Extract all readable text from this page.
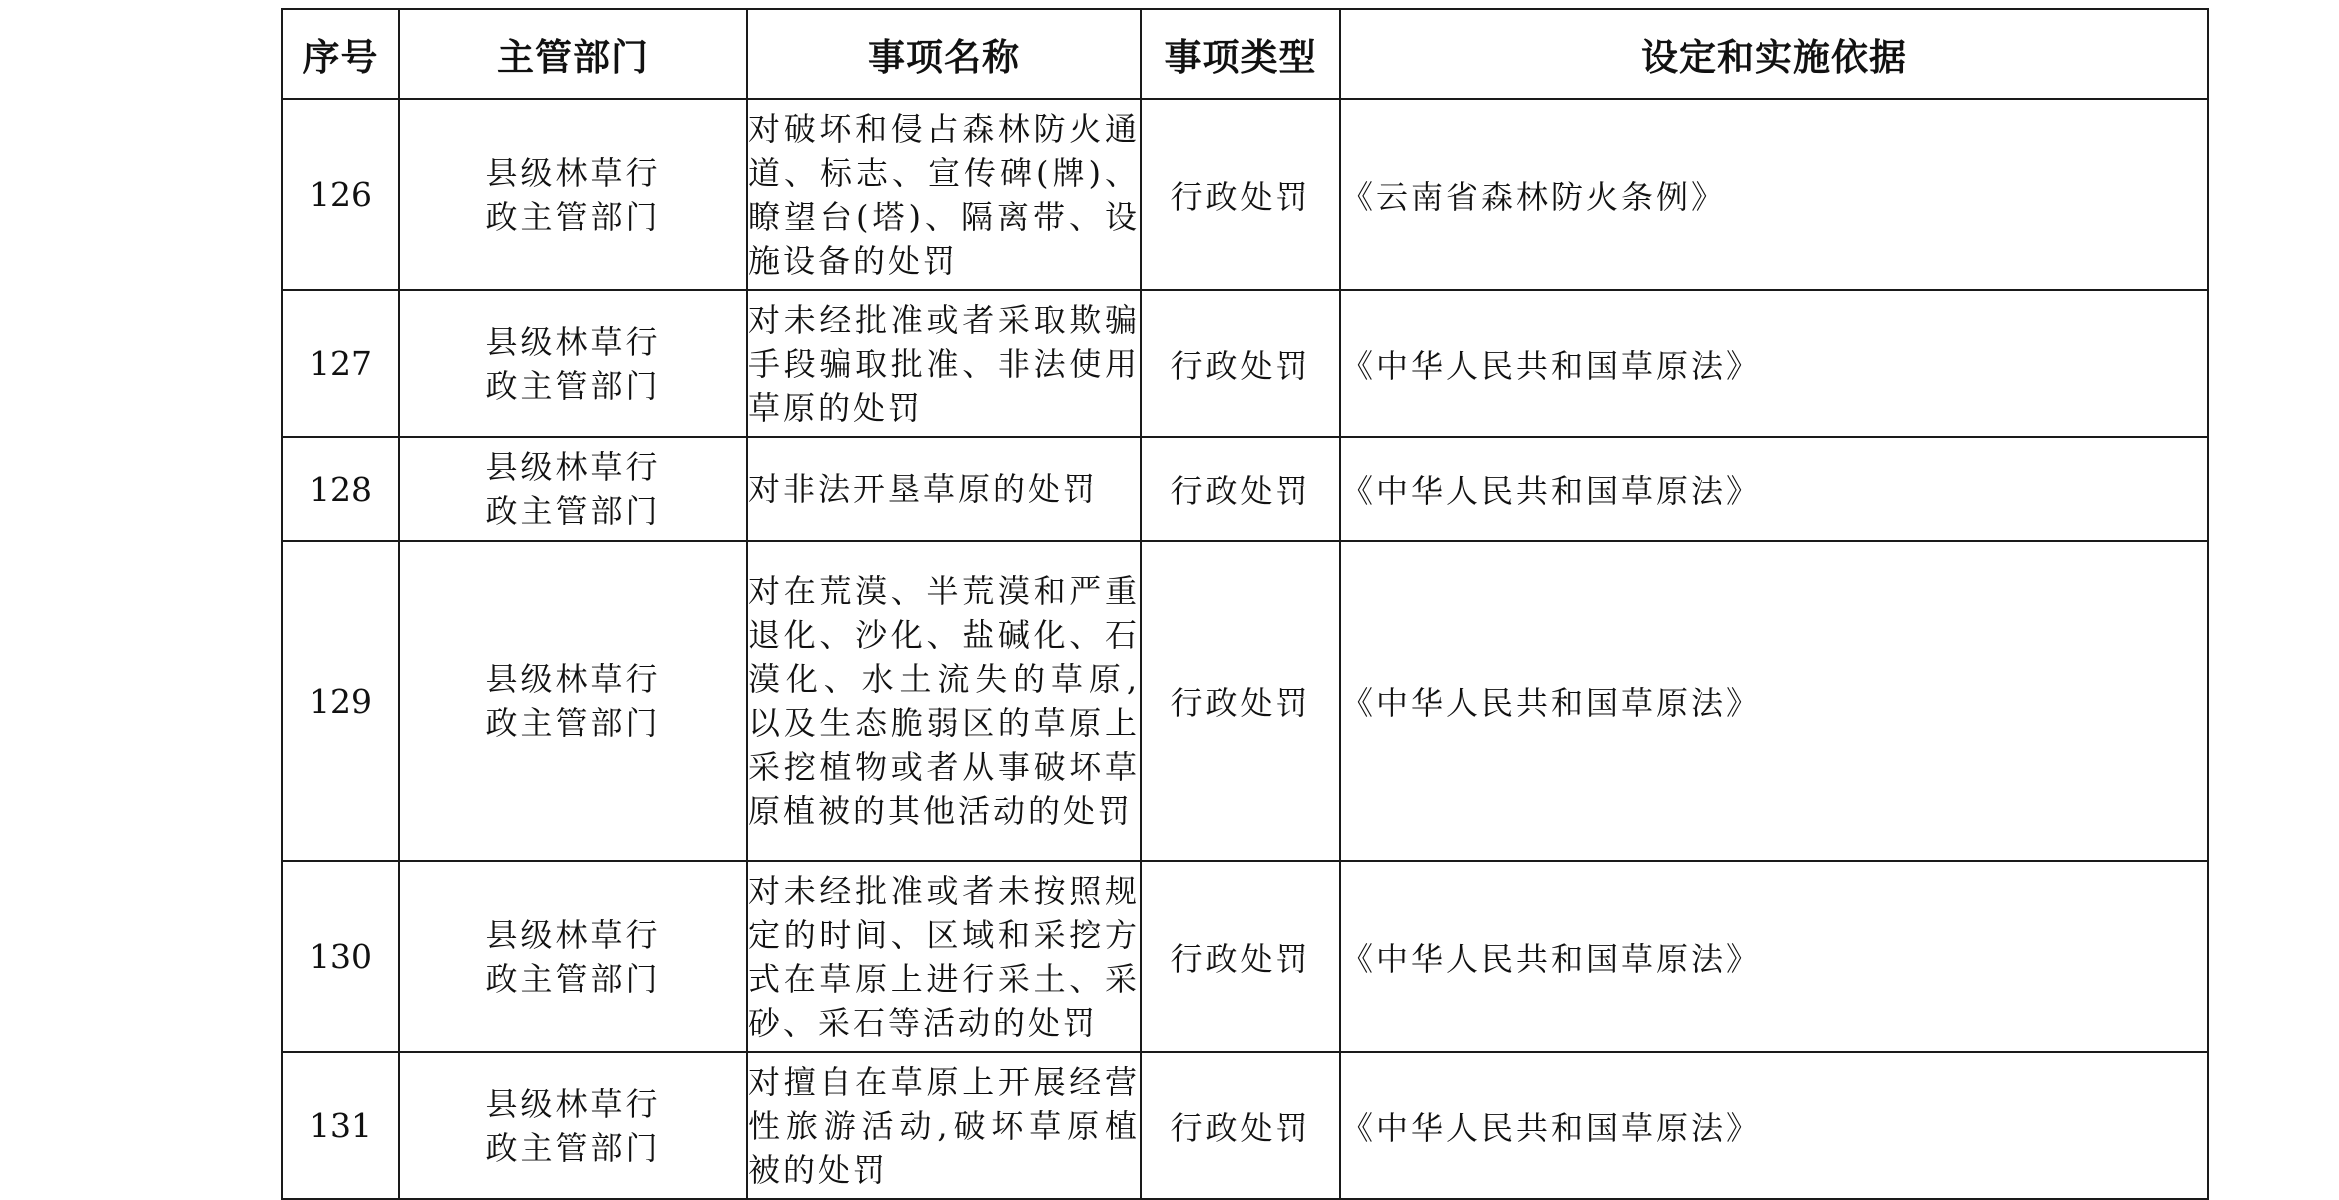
序号	主管部门	事项名称	事项类型	设定和实施依据
126	县级林草行政主管部门	对破坏和侵占森林防火通道、标志、宣传碑(牌)、瞭望台(塔)、隔离带、设施设备的处罚	行政处罚	《云南省森林防火条例》
127	县级林草行政主管部门	对未经批准或者采取欺骗手段骗取批准、非法使用草原的处罚	行政处罚	《中华人民共和国草原法》
128	县级林草行政主管部门	对非法开垦草原的处罚	行政处罚	《中华人民共和国草原法》
129	县级林草行政主管部门	对在荒漠、半荒漠和严重退化、沙化、盐碱化、石漠化、水土流失的草原,以及生态脆弱区的草原上采挖植物或者从事破坏草原植被的其他活动的处罚	行政处罚	《中华人民共和国草原法》
130	县级林草行政主管部门	对未经批准或者未按照规定的时间、区域和采挖方式在草原上进行采土、采砂、采石等活动的处罚	行政处罚	《中华人民共和国草原法》
131	县级林草行政主管部门	对擅自在草原上开展经营性旅游活动,破坏草原植被的处罚	行政处罚	《中华人民共和国草原法》
